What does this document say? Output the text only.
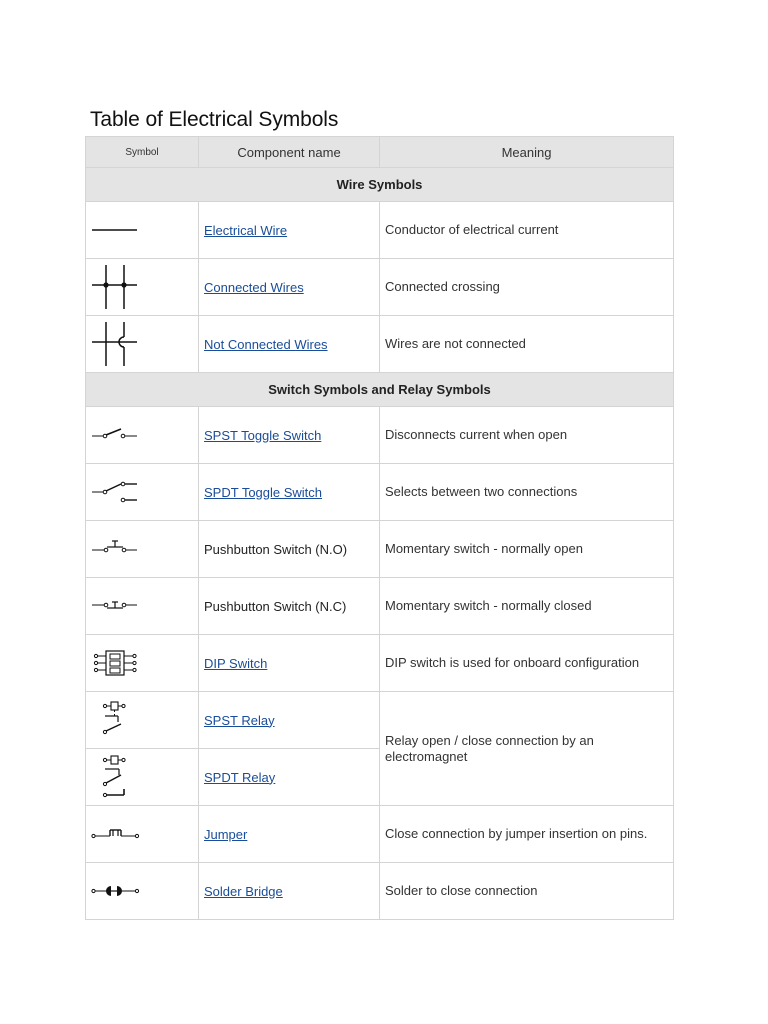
Table of Electrical Symbols
Symbol	Component name	Meaning
Wire Symbols		

	Electrical Wire	Conductor of electrical current

	Connected Wires	Connected crossing

	Not Connected Wires	Wires are not connected
Switch Symbols and Relay Symbols		

	SPST Toggle Switch	Disconnects current when open

	SPDT Toggle Switch	Selects between two connections

	Pushbutton Switch (N.O)	Momentary switch - normally open

	Pushbutton Switch (N.C)	Momentary switch - normally closed

	DIP Switch	DIP switch is used for onboard configuration

	SPST Relay	Relay open / close connection by an electromagnet

	SPDT Relay	

	Jumper	Close connection by jumper insertion on pins.

	Solder Bridge	Solder to close connection
